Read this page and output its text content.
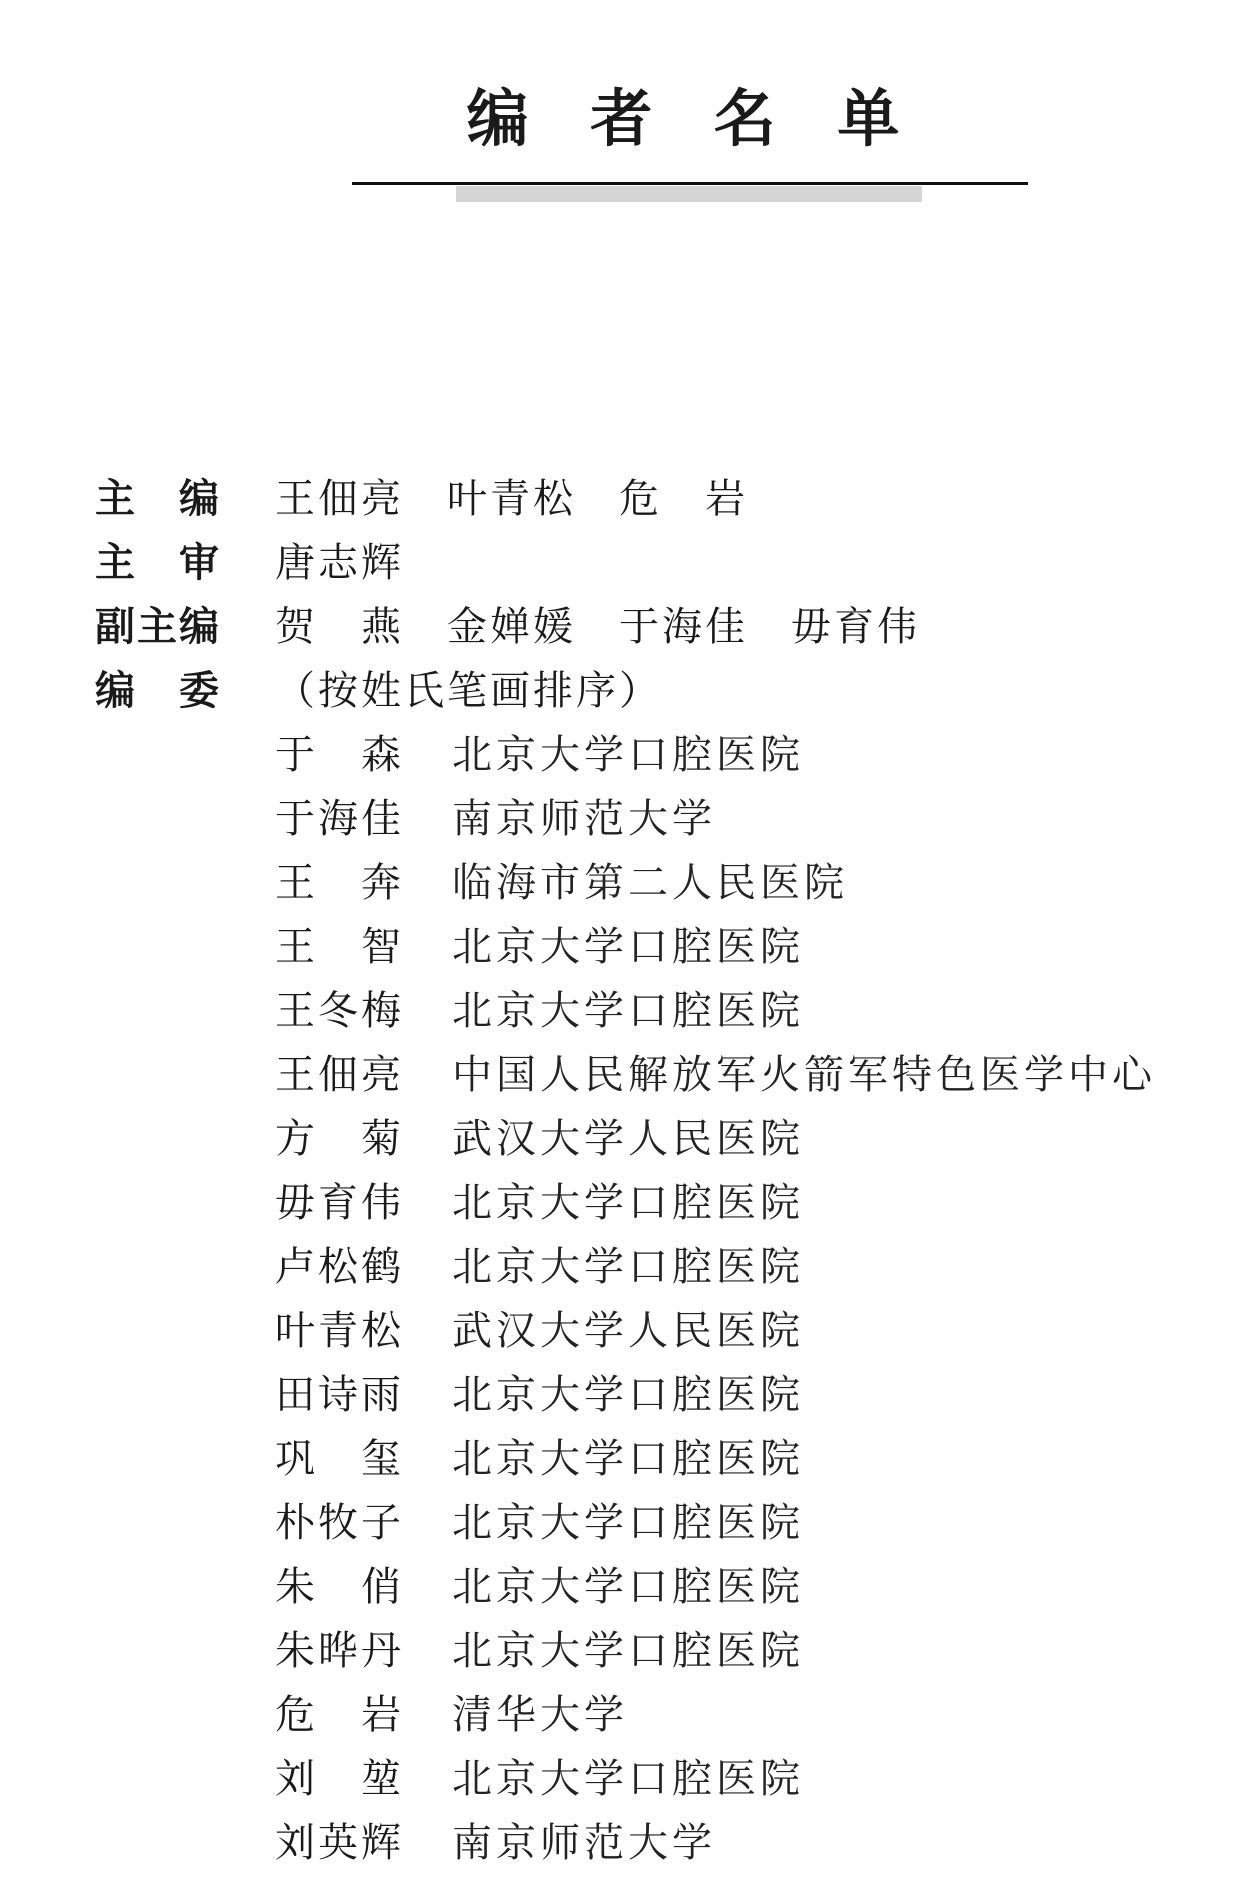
编 者 名 单
主　编	王佃亮　叶青松　危　岩
主　审	唐志辉
副主编	贺　燕　金婵媛　于海佳　毋育伟
编　委	（按姓氏笔画排序）
于　森	北京大学口腔医院
于海佳	南京师范大学
王　奔	临海市第二人民医院
王　智	北京大学口腔医院
王冬梅	北京大学口腔医院
王佃亮	中国人民解放军火箭军特色医学中心
方　菊	武汉大学人民医院
毋育伟	北京大学口腔医院
卢松鹤	北京大学口腔医院
叶青松	武汉大学人民医院
田诗雨	北京大学口腔医院
巩　玺	北京大学口腔医院
朴牧子	北京大学口腔医院
朱　俏	北京大学口腔医院
朱晔丹	北京大学口腔医院
危　岩	清华大学
刘　堃	北京大学口腔医院
刘英辉	南京师范大学
